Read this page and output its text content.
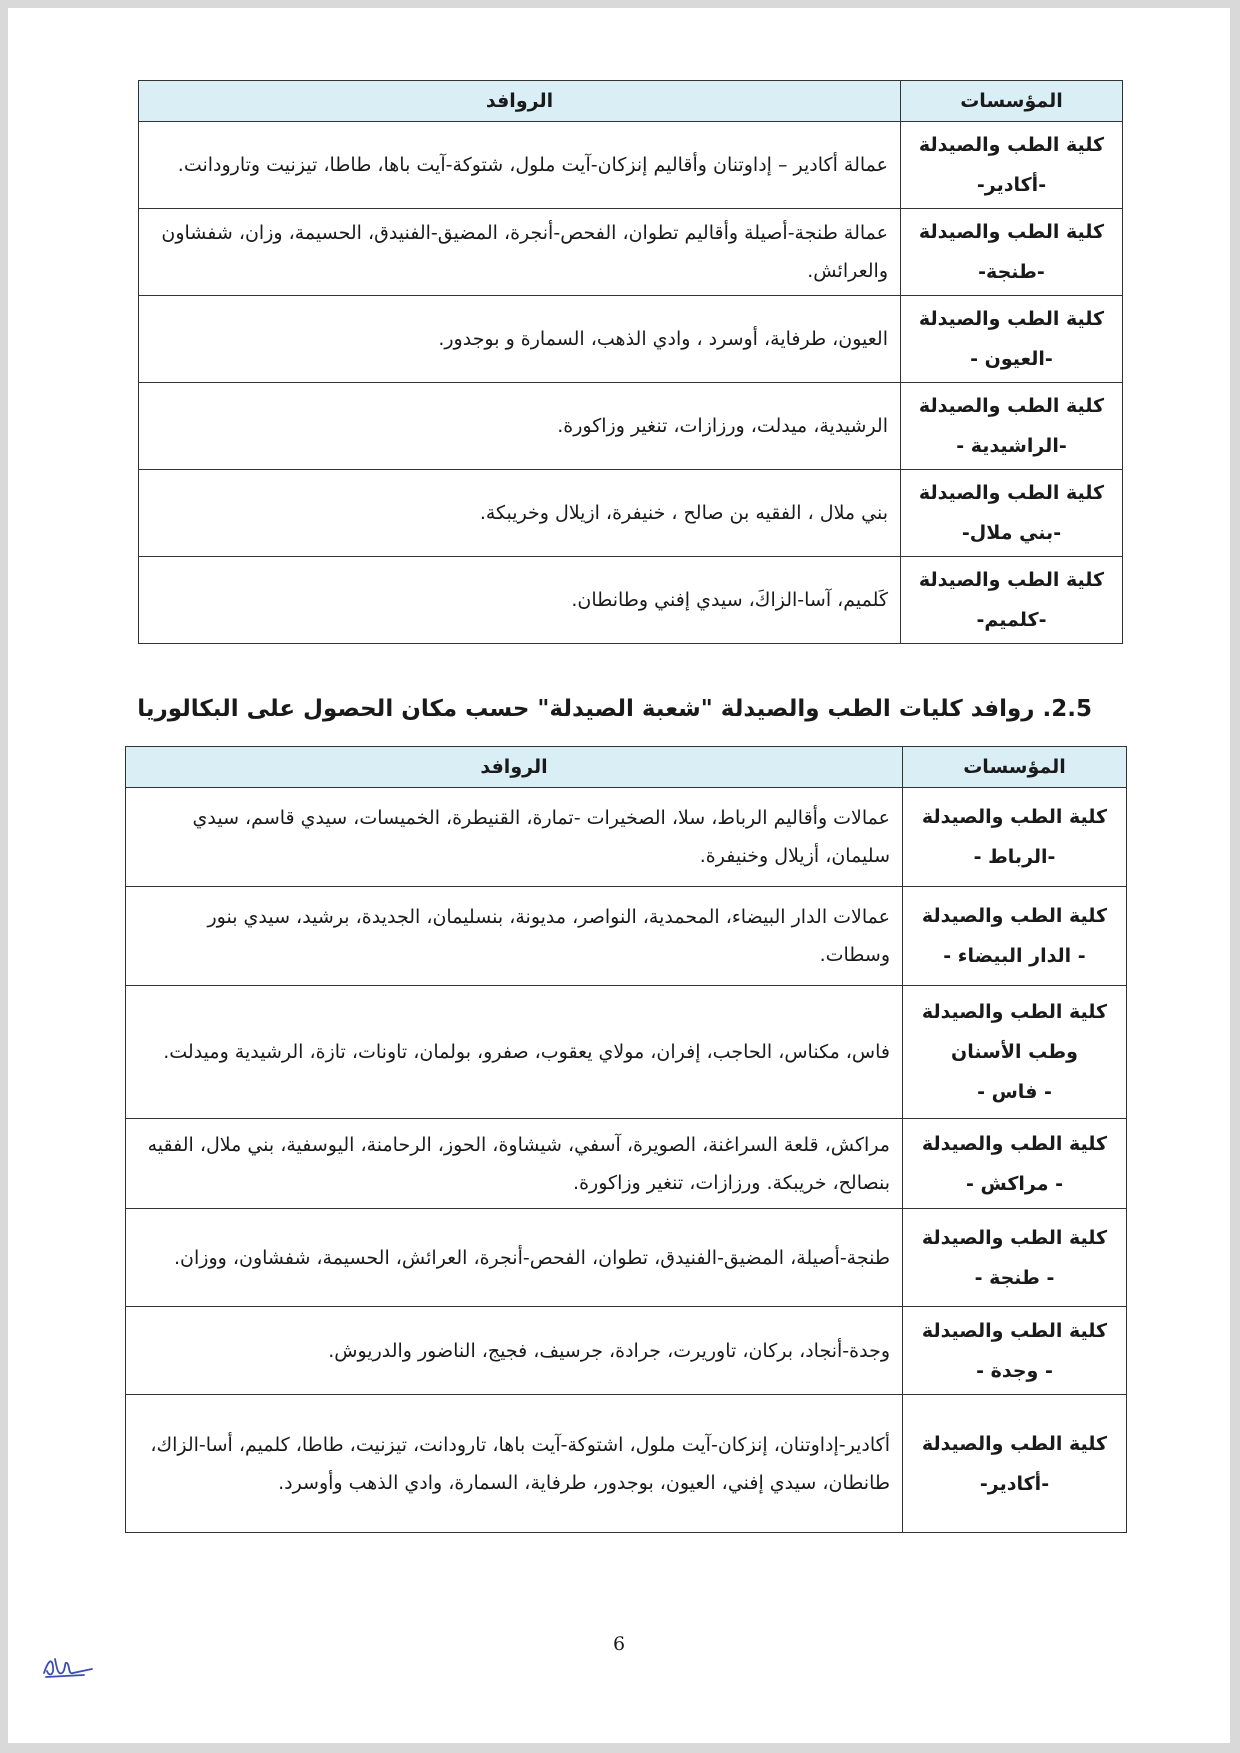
المؤسسات	الروافد

كلية الطب والصيدلة
-أكادير-	عمالة أكادير – إداوتنان وأقاليم إنزكان-آيت ملول، شتوكة-آيت باها، طاطا، تيزنيت وتارودانت.

كلية الطب والصيدلة
-طنجة-	عمالة طنجة-أصيلة وأقاليم تطوان، الفحص-أنجرة، المضيق-الفنيدق، الحسيمة، وزان، شفشاون والعرائش.

كلية الطب والصيدلة
-العيون -	العيون، طرفاية، أوسرد ، وادي الذهب، السمارة و بوجدور.

كلية الطب والصيدلة
-الراشيدية -	الرشيدية، ميدلت، ورزازات، تنغير وزاكورة.

كلية الطب والصيدلة
-بني ملال-	بني ملال ، الفقيه بن صالح ، خنيفرة، ازيلال وخريبكة.

كلية الطب والصيدلة
-كلميم-	كَلميم، آسا-الزاكَ، سيدي إفني وطانطان.
2.5. روافد كليات الطب والصيدلة "شعبة الصيدلة" حسب مكان الحصول على البكالوريا
المؤسسات	الروافد

كلية الطب والصيدلة
-الرباط -	عمالات وأقاليم الرباط، سلا، الصخيرات -تمارة، القنيطرة، الخميسات، سيدي قاسم، سيدي سليمان، أزيلال وخنيفرة.

كلية الطب والصيدلة
- الدار البيضاء -	عمالات الدار البيضاء، المحمدية، النواصر، مديونة، بنسليمان، الجديدة، برشيد، سيدي بنور وسطات.

كلية الطب والصيدلة
وطب الأسنان
- فاس -	فاس، مكناس، الحاجب، إفران، مولاي يعقوب، صفرو، بولمان، تاونات، تازة، الرشيدية وميدلت.

كلية الطب والصيدلة
- مراكش -	مراكش، قلعة السراغنة، الصويرة، آسفي، شيشاوة، الحوز، الرحامنة، اليوسفية، بني ملال، الفقيه بنصالح، خريبكة. ورزازات، تنغير وزاكورة.

كلية الطب والصيدلة
- طنجة -	طنجة-أصيلة، المضيق-الفنيدق، تطوان، الفحص-أنجرة، العرائش، الحسيمة، شفشاون، ووزان.

كلية الطب والصيدلة
- وجدة -	وجدة-أنجاد، بركان، تاوريرت، جرادة، جرسيف، فجيج، الناضور والدريوش.

كلية الطب والصيدلة
-أكادير-	أكادير-إداوتنان، إنزكان-آيت ملول، اشتوكة-آيت باها، تارودانت، تيزنيت، طاطا، كلميم، أسا-الزاك، طانطان، سيدي إفني، العيون، بوجدور، طرفاية، السمارة، وادي الذهب وأوسرد.
6
